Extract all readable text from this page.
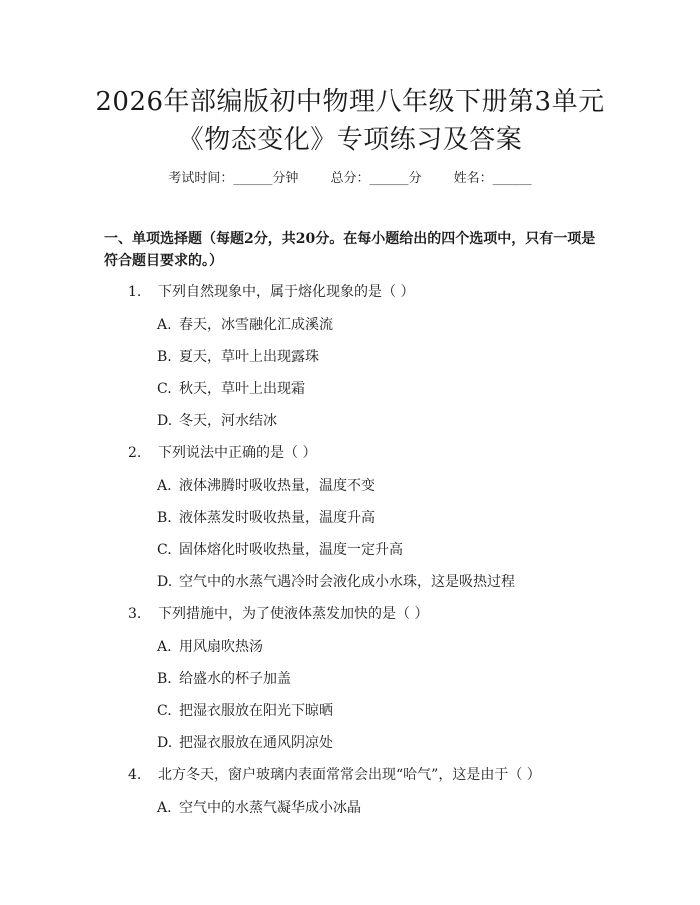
2026年部编版初中物理八年级下册第3单元
《物态变化》专项练习及答案
考试时间：______分钟 总分：______分 姓名：______
一、单项选择题（每题2分，共20分。在每小题给出的四个选项中，只有一项是符合题目要求的。）
1. 下列自然现象中，属于熔化现象的是（ ）
A. 春天，冰雪融化汇成溪流
B. 夏天，草叶上出现露珠
C. 秋天，草叶上出现霜
D. 冬天，河水结冰
2. 下列说法中正确的是（ ）
A. 液体沸腾时吸收热量，温度不变
B. 液体蒸发时吸收热量，温度升高
C. 固体熔化时吸收热量，温度一定升高
D. 空气中的水蒸气遇冷时会液化成小水珠，这是吸热过程
3. 下列措施中，为了使液体蒸发加快的是（ ）
A. 用风扇吹热汤
B. 给盛水的杯子加盖
C. 把湿衣服放在阳光下晾晒
D. 把湿衣服放在通风阴凉处
4. 北方冬天，窗户玻璃内表面常常会出现“哈气”，这是由于（ ）
A. 空气中的水蒸气凝华成小冰晶
